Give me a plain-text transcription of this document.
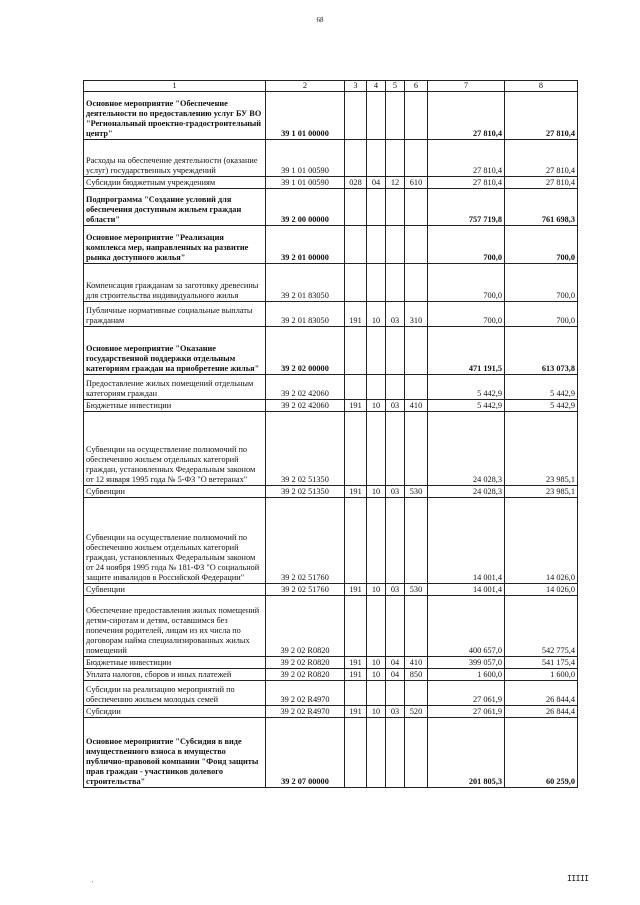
68
1	2	3	4	5	6	7	8
Основное мероприятие "Обеспечение деятельности по предоставлению услуг БУ ВО "Региональный проектно-градостроительный центр"	39 1 01 00000					27 810,4	27 810,4
Расходы на обеспечение деятельности (оказание услуг) государственных учреждений	39 1 01 00590					27 810,4	27 810,4
Субсидии бюджетным учреждениям	39 1 01 00590	028	04	12	610	27 810,4	27 810,4
Подпрограмма "Создание условий для обеспечения доступным жильем граждан области"	39 2 00 00000					757 719,8	761 698,3
Основное мероприятие "Реализация комплекса мер, направленных на развитие рынка доступного жилья"	39 2 01 00000					700,0	700,0
Компенсация гражданам за заготовку древесины для строительства индивидуального жилья	39 2 01 83050					700,0	700,0
Публичные нормативные социальные выплаты гражданам	39 2 01 83050	191	10	03	310	700,0	700,0
Основное мероприятие "Оказание государственной поддержки отдельным категориям граждан на приобретение жилья"	39 2 02 00000					471 191,5	613 073,8
Предоставление жилых помещений отдельным категориям граждан	39 2 02 42060					5 442,9	5 442,9
Бюджетные инвестиции	39 2 02 42060	191	10	03	410	5 442,9	5 442,9
Субвенции на осуществление полномочий по обеспечению жильем отдельных категорий граждан, установленных Федеральным законом от 12 января 1995 года № 5-ФЗ "О ветеранах"	39 2 02 51350					24 028,3	23 985,1
Субвенции	39 2 02 51350	191	10	03	530	24 028,3	23 985,1
Субвенции на осуществление полномочий по обеспечению жильем отдельных категорий граждан, установленных Федеральным законом от 24 ноября 1995 года № 181-ФЗ "О социальной защите инвалидов в Российской Федерации"	39 2 02 51760					14 001,4	14 026,0
Субвенции	39 2 02 51760	191	10	03	530	14 001,4	14 026,0
Обеспечение предоставления жилых помещений детям-сиротам и детям, оставшимся без попечения родителей, лицам из их числа по договорам найма специализированных жилых помещений	39 2 02 R0820					400 657,0	542 775,4
Бюджетные инвестиции	39 2 02 R0820	191	10	04	410	399 057,0	541 175,4
Уплата налогов, сборов и иных платежей	39 2 02 R0820	191	10	04	850	1 600,0	1 600,0
Субсидии на реализацию мероприятий по обеспечению жильем молодых семей	39 2 02 R4970					27 061,9	26 844,4
Субсидии	39 2 02 R4970	191	10	03	520	27 061,9	26 844,4
Основное мероприятие "Субсидия в виде имущественного взноса в имущество публично-правовой компании "Фонд защиты прав граждан - участников долевого строительства"	39 2 07 00000					201 805,3	60 259,0
IIIII
'
